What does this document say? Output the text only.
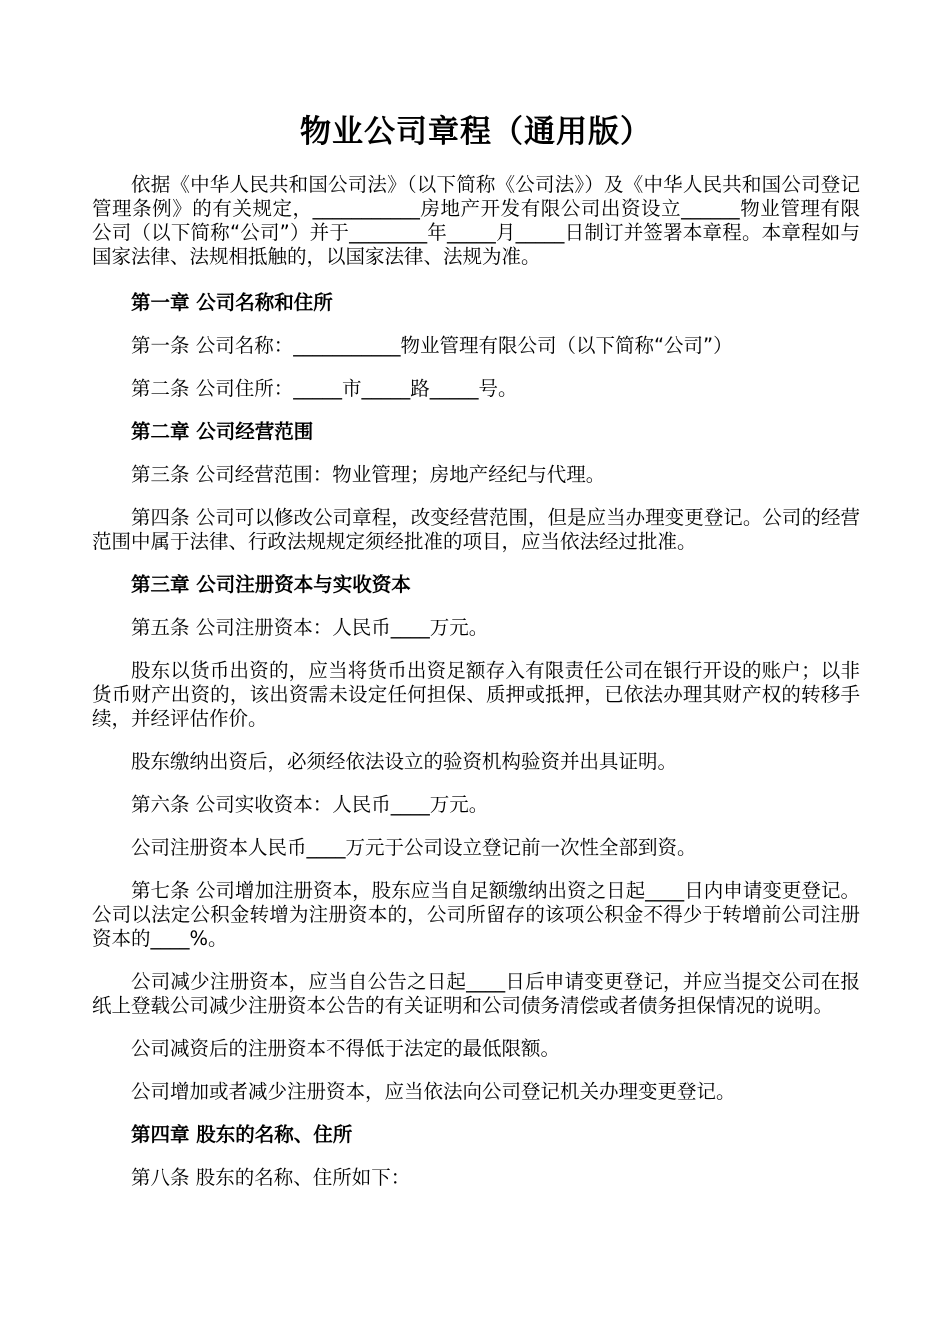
物业公司章程（通用版）

依据《中华人民共和国公司法》（以下简称《公司法》）及《中华人民共和国公司登记管理条例》的有关规定，___________房地产开发有限公司出资设立______物业管理有限公司（以下简称“公司”）并于________年_____月_____日制订并签署本章程。本章程如与国家法律、法规相抵触的，以国家法律、法规为准。

第一章 公司名称和住所

第一条 公司名称：___________物业管理有限公司（以下简称“公司”）

第二条 公司住所：_____市_____路_____号。

第二章 公司经营范围

第三条 公司经营范围：物业管理；房地产经纪与代理。

第四条 公司可以修改公司章程，改变经营范围，但是应当办理变更登记。公司的经营范围中属于法律、行政法规规定须经批准的项目，应当依法经过批准。

第三章 公司注册资本与实收资本

第五条 公司注册资本：人民币____万元。

股东以货币出资的，应当将货币出资足额存入有限责任公司在银行开设的账户；以非货币财产出资的，该出资需未设定任何担保、质押或抵押，已依法办理其财产权的转移手续，并经评估作价。

股东缴纳出资后，必须经依法设立的验资机构验资并出具证明。

第六条 公司实收资本：人民币____万元。

公司注册资本人民币____万元于公司设立登记前一次性全部到资。

第七条 公司增加注册资本，股东应当自足额缴纳出资之日起____日内申请变更登记。公司以法定公积金转增为注册资本的，公司所留存的该项公积金不得少于转增前公司注册资本的____%。

公司减少注册资本，应当自公告之日起____日后申请变更登记，并应当提交公司在报纸上登载公司减少注册资本公告的有关证明和公司债务清偿或者债务担保情况的说明。

公司减资后的注册资本不得低于法定的最低限额。

公司增加或者减少注册资本，应当依法向公司登记机关办理变更登记。

第四章 股东的名称、住所

第八条 股东的名称、住所如下：
